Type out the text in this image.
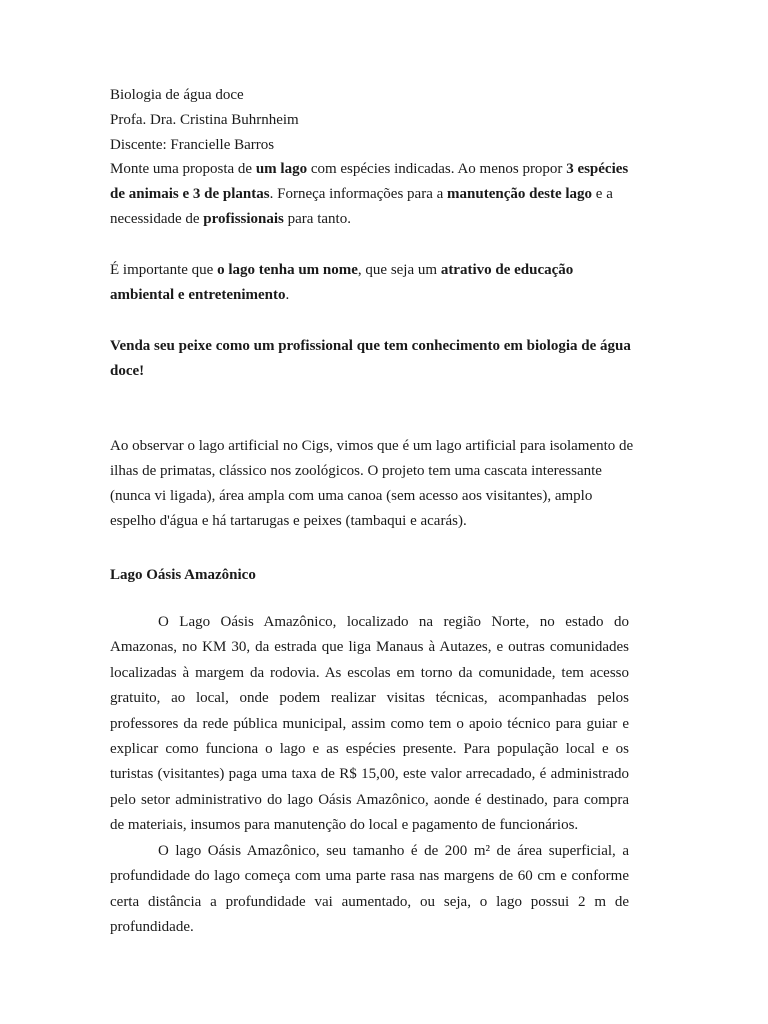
Biologia de água doce

Profa. Dra. Cristina Buhrnheim

Discente: Francielle Barros

Monte uma proposta de um lago com espécies indicadas. Ao menos propor 3 espécies de animais e 3 de plantas. Forneça informações para a manutenção deste lago e a necessidade de profissionais para tanto.

É importante que o lago tenha um nome, que seja um atrativo de educação ambiental e entretenimento.

Venda seu peixe como um profissional que tem conhecimento em biologia de água doce!

Ao observar o lago artificial no Cigs, vimos que é um lago artificial para isolamento de ilhas de primatas, clássico nos zoológicos. O projeto tem uma cascata interessante (nunca vi ligada), área ampla com uma canoa (sem acesso aos visitantes), amplo espelho d'água e há tartarugas e peixes (tambaqui e acarás).

Lago Oásis Amazônico

O Lago Oásis Amazônico, localizado na região Norte, no estado do Amazonas, no KM 30, da estrada que liga Manaus à Autazes, e outras comunidades localizadas à margem da rodovia. As escolas em torno da comunidade, tem acesso gratuito, ao local, onde podem realizar visitas técnicas, acompanhadas pelos professores da rede pública municipal, assim como tem o apoio técnico para guiar e explicar como funciona o lago e as espécies presente. Para população local e os turistas (visitantes) paga uma taxa de R$ 15,00, este valor arrecadado, é administrado pelo setor administrativo do lago Oásis Amazônico, aonde é destinado, para compra de materiais, insumos para manutenção do local e pagamento de funcionários.

O lago Oásis Amazônico, seu tamanho é de 200 m² de área superficial, a profundidade do lago começa com uma parte rasa nas margens de 60 cm e conforme certa distância a profundidade vai aumentado, ou seja, o lago possui 2 m de profundidade.
